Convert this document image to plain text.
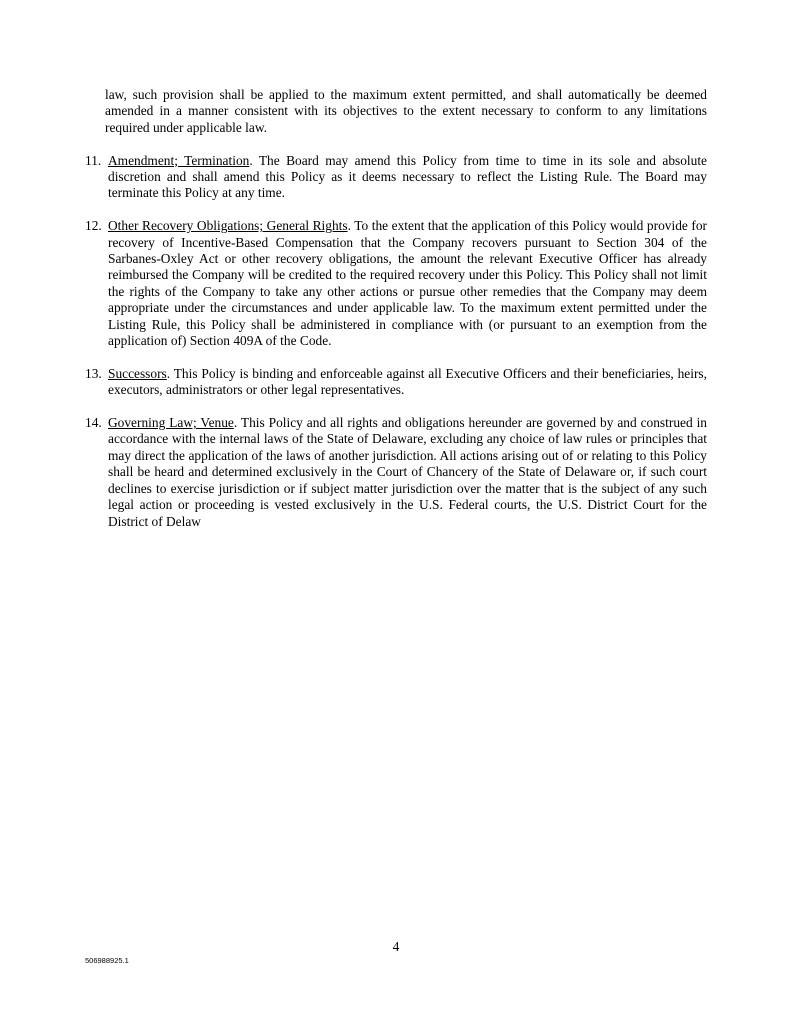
law, such provision shall be applied to the maximum extent permitted, and shall automatically be deemed amended in a manner consistent with its objectives to the extent necessary to conform to any limitations required under applicable law.

11. Amendment; Termination. The Board may amend this Policy from time to time in its sole and absolute discretion and shall amend this Policy as it deems necessary to reflect the Listing Rule. The Board may terminate this Policy at any time.

12. Other Recovery Obligations; General Rights. To the extent that the application of this Policy would provide for recovery of Incentive-Based Compensation that the Company recovers pursuant to Section 304 of the Sarbanes-Oxley Act or other recovery obligations, the amount the relevant Executive Officer has already reimbursed the Company will be credited to the required recovery under this Policy. This Policy shall not limit the rights of the Company to take any other actions or pursue other remedies that the Company may deem appropriate under the circumstances and under applicable law. To the maximum extent permitted under the Listing Rule, this Policy shall be administered in compliance with (or pursuant to an exemption from the application of) Section 409A of the Code.

13. Successors. This Policy is binding and enforceable against all Executive Officers and their beneficiaries, heirs, executors, administrators or other legal representatives.

14. Governing Law; Venue. This Policy and all rights and obligations hereunder are governed by and construed in accordance with the internal laws of the State of Delaware, excluding any choice of law rules or principles that may direct the application of the laws of another jurisdiction. All actions arising out of or relating to this Policy shall be heard and determined exclusively in the Court of Chancery of the State of Delaware or, if such court declines to exercise jurisdiction or if subject matter jurisdiction over the matter that is the subject of any such legal action or proceeding is vested exclusively in the U.S. Federal courts, the U.S. District Court for the District of Delaw

4
506988925.1
